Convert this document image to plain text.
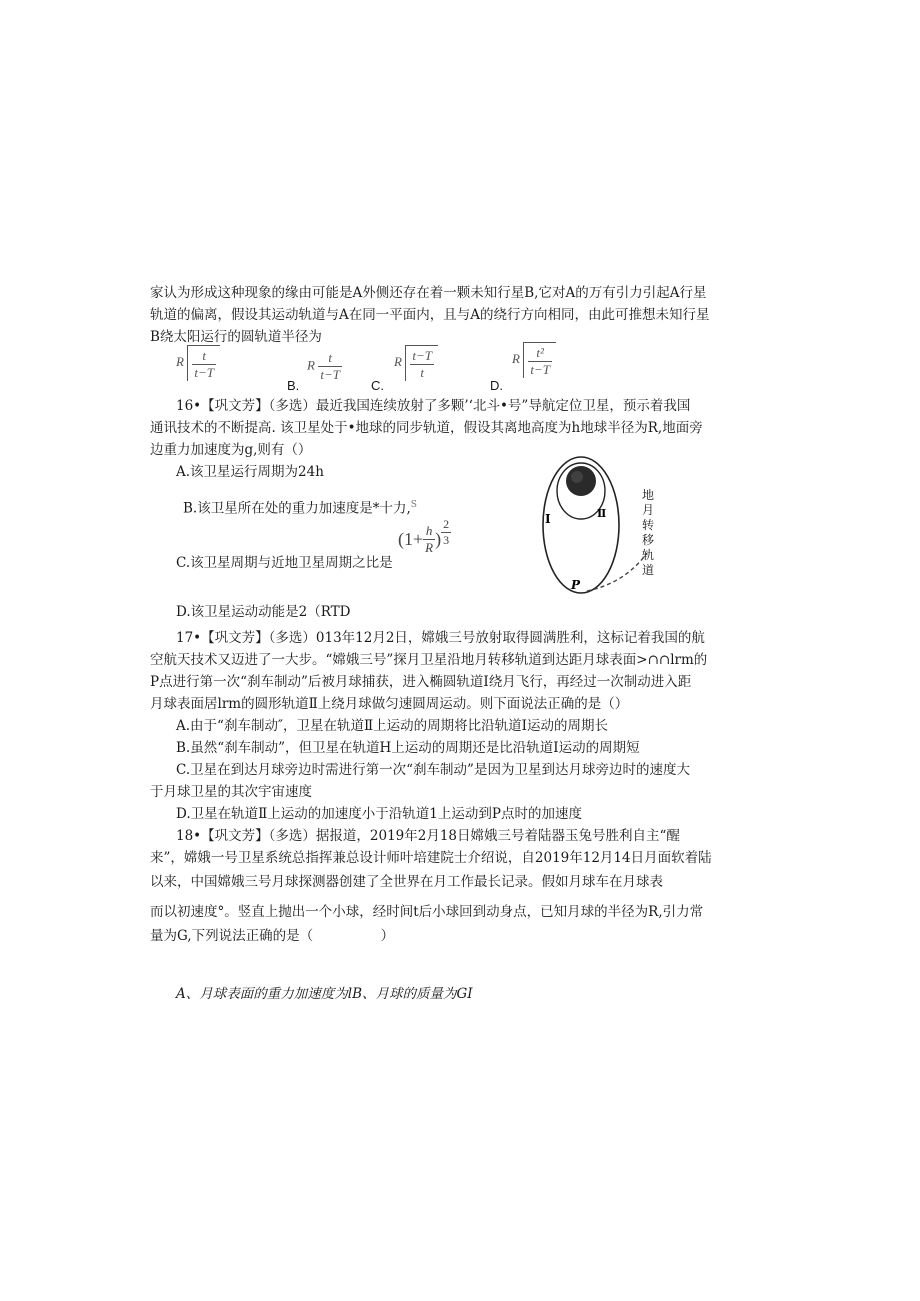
家认为形成这种现象的缘由可能是A外侧还存在着一颗未知行星B,它对A的万有引力引起A行星
轨道的偏离，假设其运动轨道与A在同一平面内，且与A的绕行方向相同，由此可推想未知行星
B绕太阳运行的圆轨道半径为
R $\frac{t}{t-T}$
B.
R $\frac{t}{t-T}$
C.
R $\frac{t-T}{t}$
D.
R $\frac{\text{t²}}{t-T}$
16•【巩文芳】（多选）最近我国连续放射了多颗’‘北斗•号”导航定位卫星，预示着我国
通讯技术的不断提高. 该卫星处于•地球的同步轨道，假设其离地高度为h地球半径为R,地面旁
边重力加速度为g,则有（）
A.该卫星运行周期为24h
B.该卫星所在处的重力加速度是*十力,$^S$
C.该卫星周期与近地卫星周期之比是
($1+ \frac{h}{R}$ ) $\frac{2}{3}$
D.该卫星运动动能是2（RTD
Ⅱ
I
P
地
月
转
移
轨
道
17•【巩文芳】（多选）013年12月2日，嫦娥三号放射取得圆满胜利，这标记着我国的航
空航天技术又迈进了一大步。“嫦娥三号”探月卫星沿地月转移轨道到达距月球表面>∩∩lrm的
P点进行第一次“刹车制动”后被月球捕获，进入椭圆轨道I绕月飞行，再经过一次制动进入距
月球表面居lrm的圆形轨道Ⅱ上绕月球做匀速圆周运动。则下面说法正确的是（）
A.由于“刹车制动″，卫星在轨道Ⅱ上运动的周期将比沿轨道I运动的周期长
B.虽然“刹车制动”，但卫星在轨道H上运动的周期还是比沿轨道I运动的周期短
C.卫星在到达月球旁边时需进行第一次“刹车制动”是因为卫星到达月球旁边时的速度大
于月球卫星的其次宇宙速度
D.卫星在轨道Ⅱ上运动的加速度小于沿轨道1上运动到P点时的加速度
18•【巩文芳】（多选）据报道，2019年2月18日嫦娥三号着陆器玉兔号胜利自主“醒
来”，嫦娥一号卫星系统总指挥兼总设计师叶培建院士介绍说，自2019年12月14日月面软着陆
以来，中国嫦娥三号月球探测器创建了全世界在月工作最长记录。假如月球车在月球表
而以初速度°。竖直上抛出一个小球，经时间t后小球回到动身点，已知月球的半径为R,引力常
量为G,下列说法正确的是（　　　　　）
A、月球表面的重力加速度为lB、月球的质量为GI
